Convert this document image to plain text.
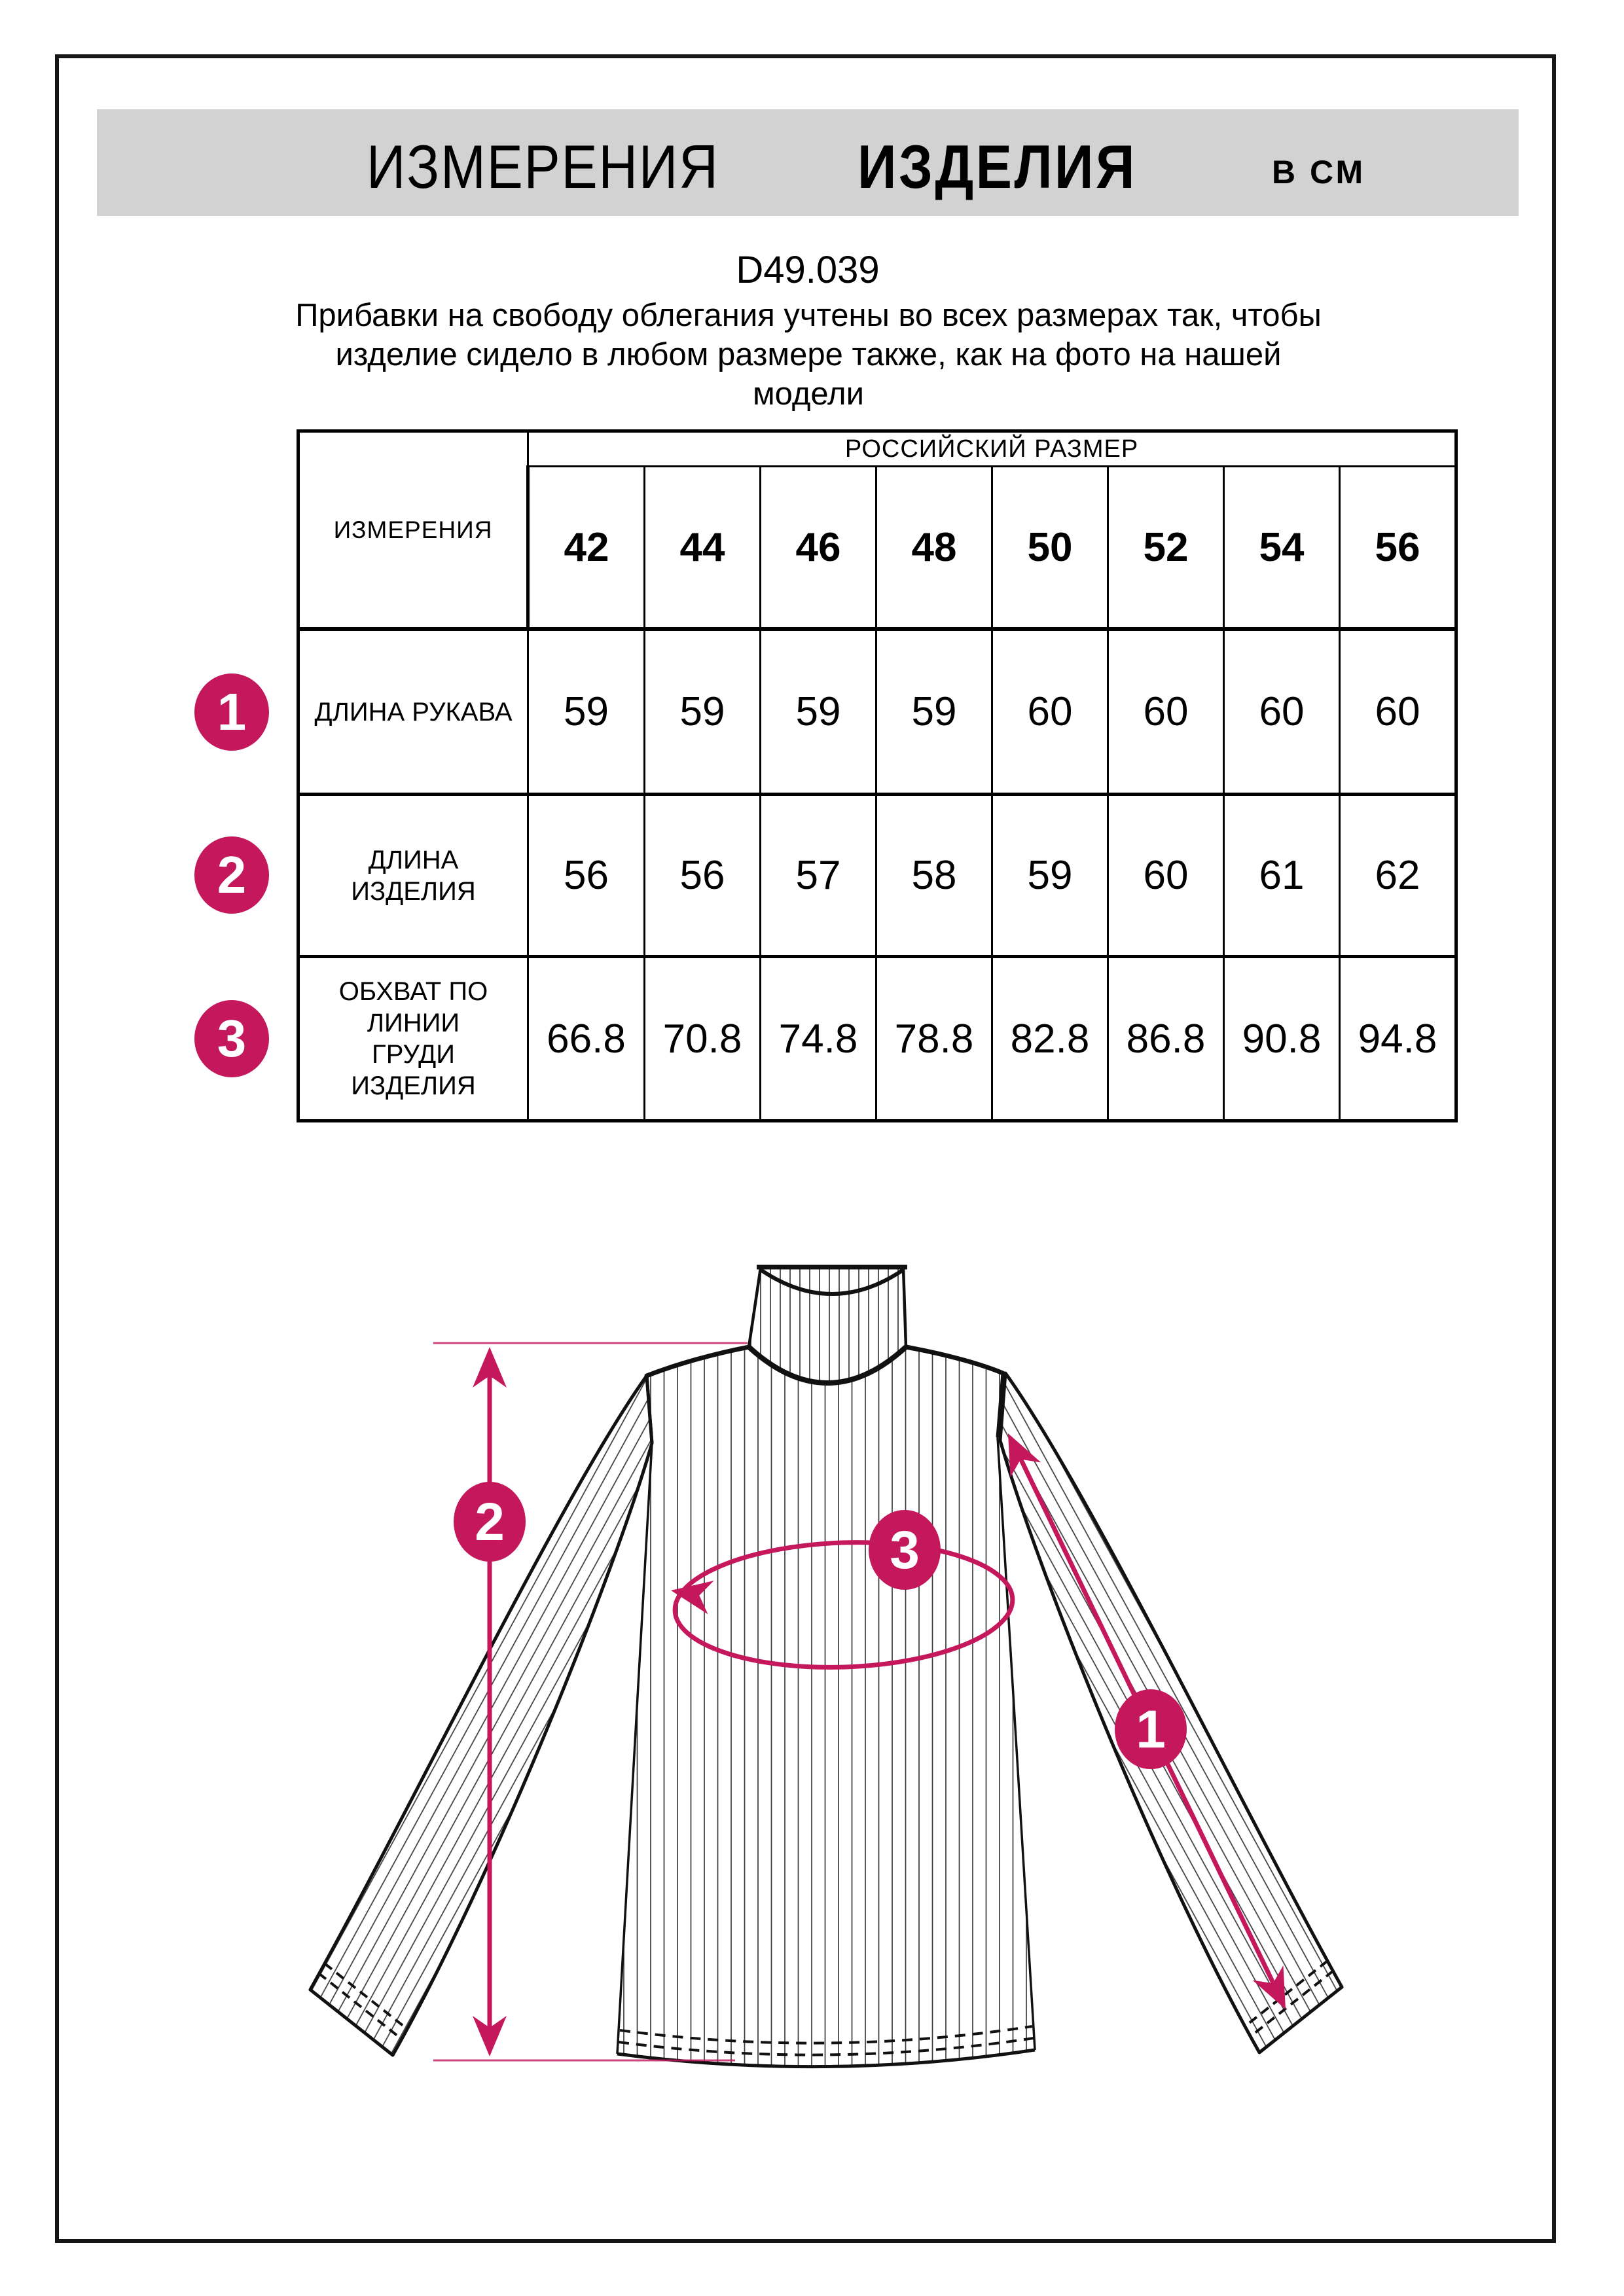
ИЗМЕРЕНИЯ ИЗДЕЛИЯ	В СМ
D49.039
Прибавки на свободу облегания учтены во всех размерах так, чтобы
изделие сидело в любом размере также, как на фото на нашей
модели
ИЗМЕРЕНИЯ	РОССИЙСКИЙ РАЗМЕР							
	42	44	46	48	50	52	54	56
ДЛИНА РУКАВА	59	59	59	59	60	60	60	60
ДЛИНА ИЗДЕЛИЯ	56	56	57	58	59	60	61	62
ОБХВАТ ПО ЛИНИИ ГРУДИ ИЗДЕЛИЯ	66.8	70.8	74.8	78.8	82.8	86.8	90.8	94.8
1
2
3
1
2	3
